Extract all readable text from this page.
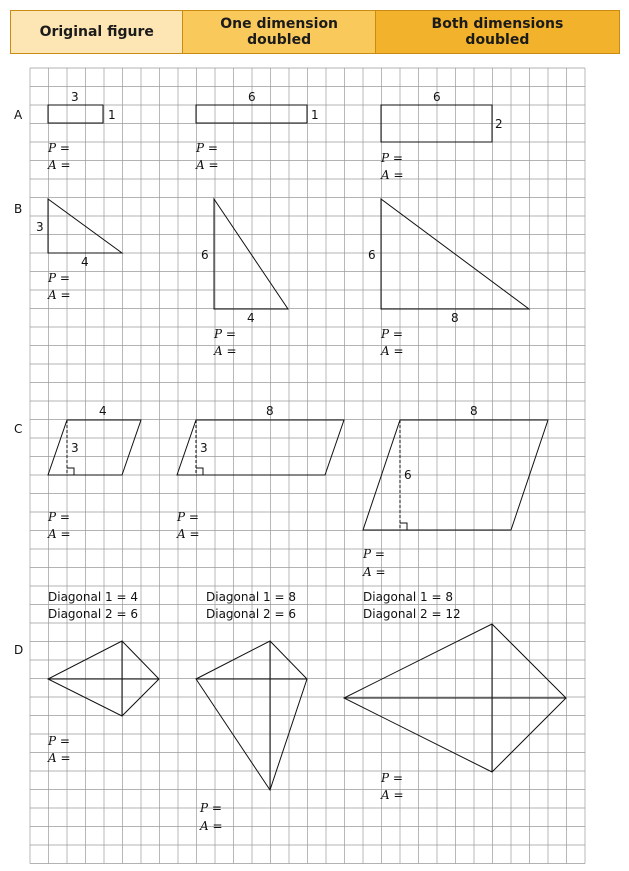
Original figure	One dimension
doubled
Both dimensions
doubled
A
B
C
D
3
1
P =
A =
6
1
P =
A =
6
2
P =
A =
3
4
P =
A =
6
4
P =
A =
6
8
P =
A =
4
3
P =
A =
8
3
P =
A =
8
6
P =
A =
Diagonal 1 = 4
Diagonal 2 = 6
Diagonal 1 = 8
Diagonal 2 = 6
Diagonal 1 = 8
Diagonal 2 = 12
P =
A =
P =
A =
P =
A =
